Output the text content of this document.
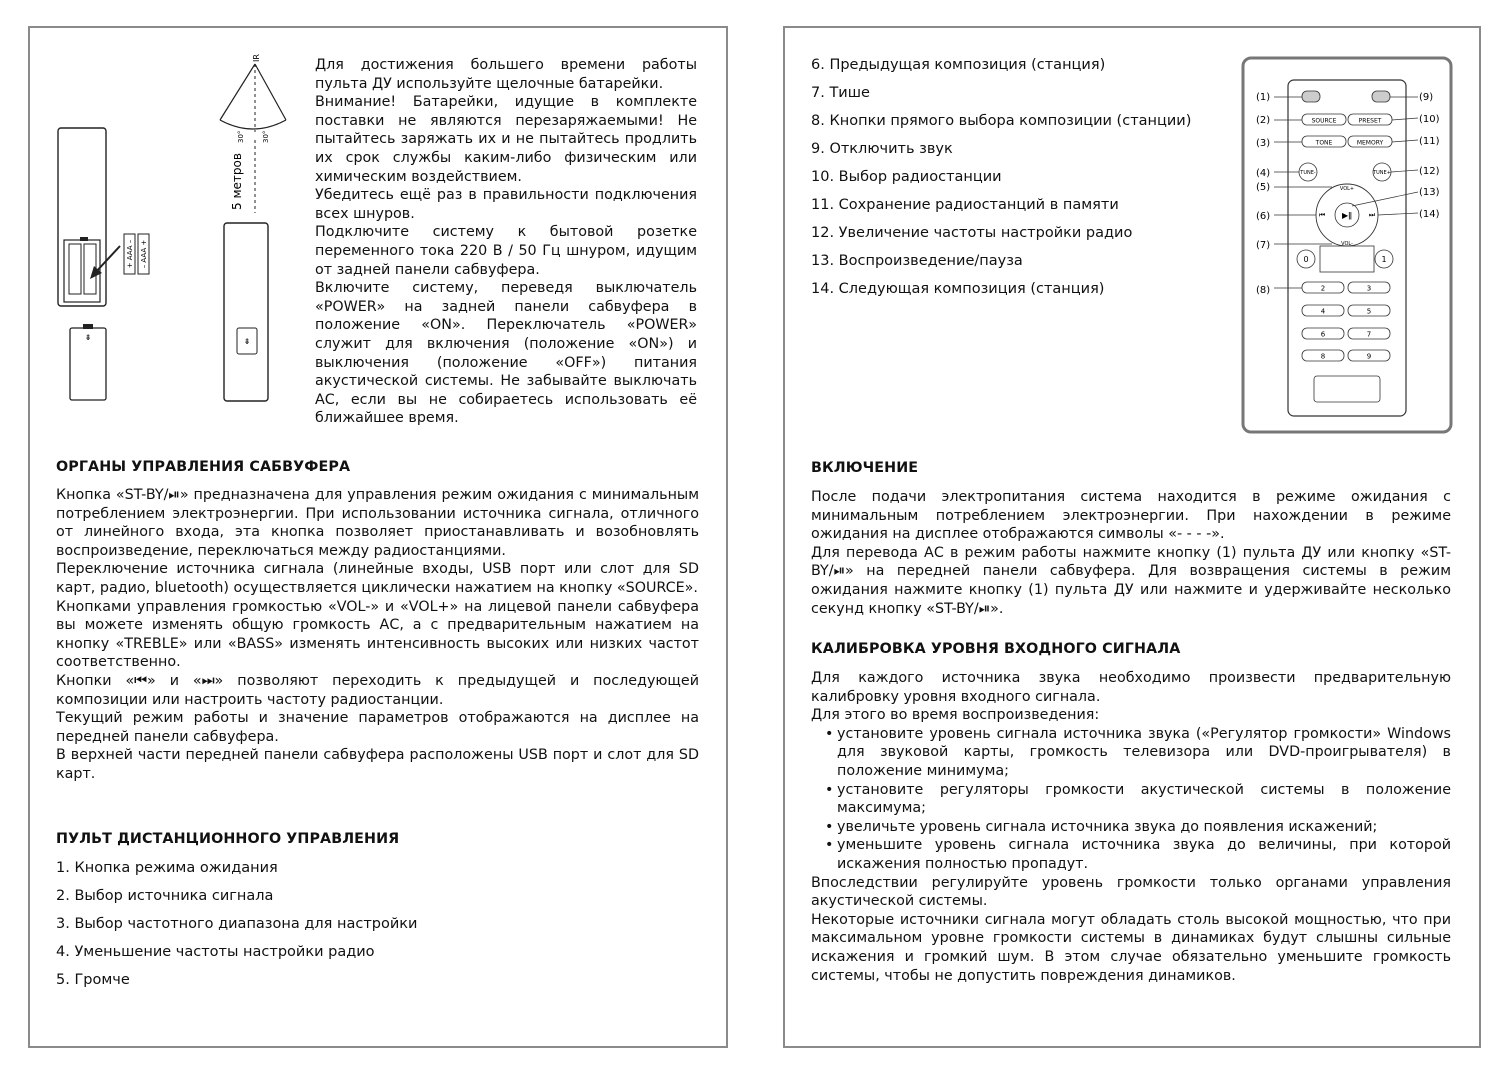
+ AAA – – AAA +
⇟
IR
30° 30°
5 метров
⇟

Для достижения большего времени работы пульта ДУ используйте щелочные батарейки.

Внимание! Батарейки, идущие в комплекте поставки не являются перезаряжаемыми! Не пытайтесь заряжать их и не пытайтесь продлить их срок службы каким-либо физическим или химическим воздействием.

Убедитесь ещё раз в правильности подключения всех шнуров.

Подключите систему к бытовой розетке переменного тока 220 В / 50 Гц шнуром, идущим от задней панели сабвуфера.

Включите систему, переведя выключатель «POWER» на задней панели сабвуфера в положение «ON». Переключатель «POWER» служит для включения (положение «ON») и выключения (положение «OFF») питания акустической системы. Не забывайте выключать АС, если вы не собираетесь использовать её ближайшее время.

ОРГАНЫ УПРАВЛЕНИЯ САБВУФЕРА

Кнопка «ST-BY/⏯» предназначена для управления режим ожидания с минимальным потреблением электроэнергии. При использовании источника сигнала, отличного от линейного входа, эта кнопка позволяет приостанавливать и возобновлять воспроизведение, переключаться между радиостанциями.

Переключение источника сигнала (линейные входы, USB порт или слот для SD карт, радио, bluetooth) осуществляется циклически нажатием на кнопку «SOURCE».

Кнопками управления громкостью «VOL-» и «VOL+» на лицевой панели сабвуфера вы можете изменять общую громкость АС, а с предварительным нажатием на кнопку «TREBLE» или «BASS» изменять интенсивность высоких или низких частот соответственно.

Кнопки «⏮» и «⏭» позволяют переходить к предыдущей и последующей композиции или настроить частоту радиостанции.

Текущий режим работы и значение параметров отображаются на дисплее на передней панели сабвуфера.

В верхней части передней панели сабвуфера расположены USB порт и слот для SD карт.

ПУЛЬТ ДИСТАНЦИОННОГО УПРАВЛЕНИЯ

1. Кнопка режима ожидания

2. Выбор источника сигнала

3. Выбор частотного диапазона для настройки

4. Уменьшение частоты настройки радио

5. Громче

6. Предыдущая композиция (станция)

7. Тише

8. Кнопки прямого выбора композиции (станции)

9. Отключить звук

10. Выбор радиостанции

11. Сохранение радиостанций в памяти

12. Увеличение частоты настройки радио

13. Воспроизведение/пауза

14. Следующая композиция (станция)

SOURCE	PRESET
TONE	MEMORY
TUNE-	TUNE+
▶ǁ
VOL+
VOL-
⏮	⏭
0	1
2	3
4	5
6	7
8	9
(1)
(2)
(3)
(4)
(5)
(6)
(7)
(8)
(9)
(10)
(11)
(12)
(13)
(14)

ВКЛЮЧЕНИЕ

После подачи электропитания система находится в режиме ожидания с минимальным потреблением электроэнергии. При нахождении в режиме ожидания на дисплее отображаются символы «- - - -».

Для перевода АС в режим работы нажмите кнопку (1) пульта ДУ или кнопку «ST-BY/⏯» на передней панели сабвуфера. Для возвращения системы в режим ожидания нажмите кнопку (1) пульта ДУ или нажмите и удерживайте несколько секунд кнопку «ST-BY/⏯».

КАЛИБРОВКА УРОВНЯ ВХОДНОГО СИГНАЛА

Для каждого источника звука необходимо произвести предварительную калибровку уровня входного сигнала.

Для этого во время воспроизведения:

• установите уровень сигнала источника звука («Регулятор громкости» Windows для звуковой карты, громкость телевизора или DVD-проигрывателя) в положение минимума;
• установите регуляторы громкости акустической системы в положение максимума;
• увеличьте уровень сигнала источника звука до появления искажений;
• уменьшите уровень сигнала источника звука до величины, при которой искажения полностью пропадут.

Впоследствии регулируйте уровень громкости только органами управления акустической системы.

Некоторые источники сигнала могут обладать столь высокой мощностью, что при максимальном уровне громкости системы в динамиках будут слышны сильные искажения и громкий шум. В этом случае обязательно уменьшите громкость системы, чтобы не допустить повреждения динамиков.
